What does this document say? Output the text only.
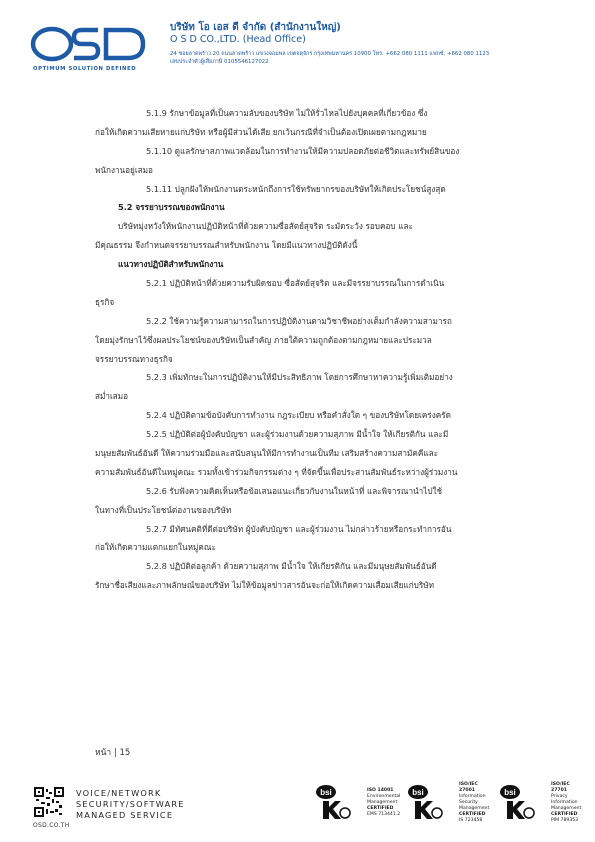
OPTIMUM SOLUTION DEFINED
บริษัท โอ เอส ดี จำกัด (สำนักงานใหญ่)
O S D CO.,LTD. (Head Office)
24 ซอยลาดพร้าว 20 ถนนลาดพร้าว แขวงจอมพล เขตจตุจักร กรุงเทพมหานคร 10900 โทร. +662 080 1111 แฟกซ์. +662 080 1123
เลขประจำตัวผู้เสียภาษี 0105546127022
5.1.9 รักษาข้อมูลที่เป็นความลับของบริษัท ไม่ให้รั่วไหลไปยังบุคคลที่เกี่ยวข้อง ซึ่ง
ก่อให้เกิดความเสียหายแก่บริษัท หรือผู้มีส่วนได้เสีย ยกเว้นกรณีที่จำเป็นต้องเปิดเผยตามกฎหมาย
5.1.10 ดูแลรักษาสภาพแวดล้อมในการทำงานให้มีความปลอดภัยต่อชีวิตและทรัพย์สินของ
พนักงานอยู่เสมอ
5.1.11 ปลูกฝังให้พนักงานตระหนักถึงการใช้ทรัพยากรของบริษัทให้เกิดประโยชน์สูงสุด
5.2 จรรยาบรรณของพนักงาน
บริษัทมุ่งหวังให้พนักงานปฏิบัติหน้าที่ด้วยความซื่อสัตย์สุจริต ระมัดระวัง รอบคอบ และ
มีคุณธรรม จึงกำหนดจรรยาบรรณสำหรับพนักงาน โดยมีแนวทางปฏิบัติดังนี้
แนวทางปฏิบัติสำหรับพนักงาน
5.2.1 ปฏิบัติหน้าที่ด้วยความรับผิดชอบ ซื่อสัตย์สุจริต และมีจรรยาบรรณในการดำเนิน
ธุรกิจ
5.2.2 ใช้ความรู้ความสามารถในการปฏิบัติงานตามวิชาชีพอย่างเต็มกำลังความสามารถ
โดยมุ่งรักษาไว้ซึ่งผลประโยชน์ของบริษัทเป็นสำคัญ ภายใต้ความถูกต้องตามกฎหมายและประมวล
จรรยาบรรณทางธุรกิจ
5.2.3 เพิ่มทักษะในการปฏิบัติงานให้มีประสิทธิภาพ โดยการศึกษาหาความรู้เพิ่มเติมอย่าง
สม่ำเสมอ
5.2.4 ปฏิบัติตามข้อบังคับการทำงาน กฎระเบียบ หรือคำสั่งใด ๆ ของบริษัทโดยเคร่งครัด
5.2.5 ปฏิบัติต่อผู้บังคับบัญชา และผู้ร่วมงานด้วยความสุภาพ มีน้ำใจ ให้เกียรติกัน และมี
มนุษยสัมพันธ์อันดี ให้ความร่วมมือและสนับสนุนให้มีการทำงานเป็นทีม เสริมสร้างความสามัคคีและ
ความสัมพันธ์อันดีในหมู่คณะ รวมทั้งเข้าร่วมกิจกรรมต่าง ๆ ที่จัดขึ้นเพื่อประสานสัมพันธ์ระหว่างผู้ร่วมงาน
5.2.6 รับฟังความคิดเห็นหรือข้อเสนอแนะเกี่ยวกับงานในหน้าที่ และพิจารณานำไปใช้
ในทางที่เป็นประโยชน์ต่องานของบริษัท
5.2.7 มีทัศนคติที่ดีต่อบริษัท ผู้บังคับบัญชา และผู้ร่วมงาน ไม่กล่าวร้ายหรือกระทำการอัน
ก่อให้เกิดความแตกแยกในหมู่คณะ
5.2.8 ปฏิบัติต่อลูกค้า ด้วยความสุภาพ มีน้ำใจ ให้เกียรติกัน และมีมนุษยสัมพันธ์อันดี
รักษาชื่อเสียงและภาพลักษณ์ของบริษัท ไม่ให้ข้อมูลข่าวสารอันจะก่อให้เกิดความเสื่อมเสียแก่บริษัท
หน้า | 15
OSD.CO.TH
VOICE/NETWORK
SECURITY/SOFTWARE
MANAGED SERVICE
bsi	ISO 14001
Environmental Management
CERTIFIED
EMS 713441.2
bsi
ISO/IEC 27001
Information Security Management
CERTIFIED
IS 723458
bsi
ISO/IEC 27701
Privacy Information Management
CERTIFIED
PIM 789353
